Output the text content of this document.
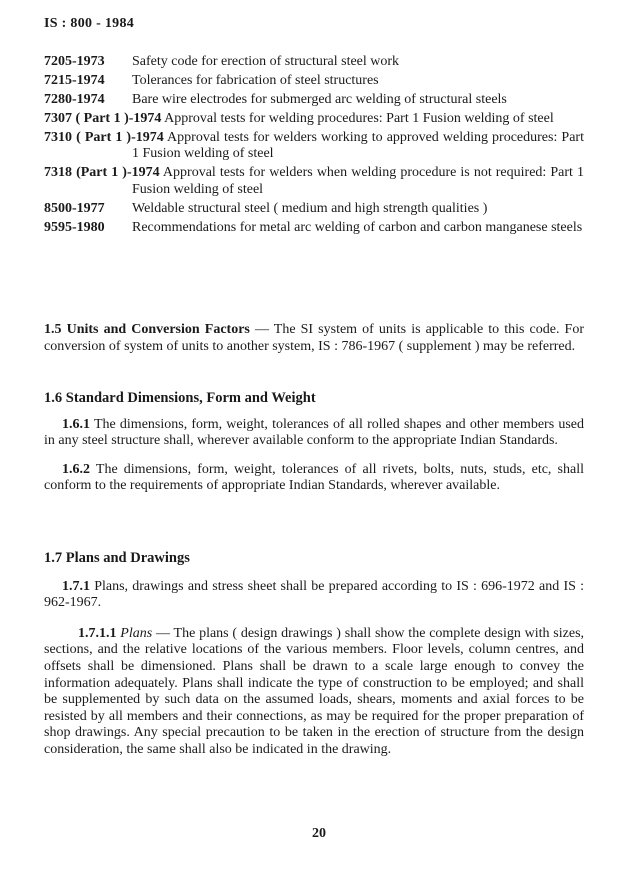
IS : 800 - 1984
7205-1973	Safety code for erection of structural steel work
7215-1974	Tolerances for fabrication of steel structures
7280-1974	Bare wire electrodes for submerged arc welding of structural steels
7307 ( Part 1 )-1974 Approval tests for welding procedures: Part 1 Fusion welding of steel
7310 ( Part 1 )-1974 Approval tests for welders working to approved welding procedures: Part 1 Fusion welding of steel
7318 (Part 1 )-1974 Approval tests for welders when welding procedure is not required: Part 1 Fusion welding of steel
8500-1977	Weldable structural steel ( medium and high strength qualities )
9595-1980	Recommendations for metal arc welding of carbon and carbon manganese steels
1.5 Units and Conversion Factors — The SI system of units is applicable to this code. For conversion of system of units to another system, IS : 786-1967 ( supplement ) may be referred.
1.6 Standard Dimensions, Form and Weight
1.6.1 The dimensions, form, weight, tolerances of all rolled shapes and other members used in any steel structure shall, wherever available conform to the appropriate Indian Standards.
1.6.2 The dimensions, form, weight, tolerances of all rivets, bolts, nuts, studs, etc, shall conform to the requirements of appropriate Indian Standards, wherever available.
1.7 Plans and Drawings
1.7.1 Plans, drawings and stress sheet shall be prepared according to IS : 696-1972 and IS : 962-1967.
1.7.1.1 Plans — The plans ( design drawings ) shall show the complete design with sizes, sections, and the relative locations of the various members. Floor levels, column centres, and offsets shall be dimensioned. Plans shall be drawn to a scale large enough to convey the information adequately. Plans shall indicate the type of construction to be employed; and shall be supplemented by such data on the assumed loads, shears, moments and axial forces to be resisted by all members and their connections, as may be required for the proper preparation of shop drawings. Any special precaution to be taken in the erection of structure from the design consideration, the same shall also be indicated in the drawing.
20
